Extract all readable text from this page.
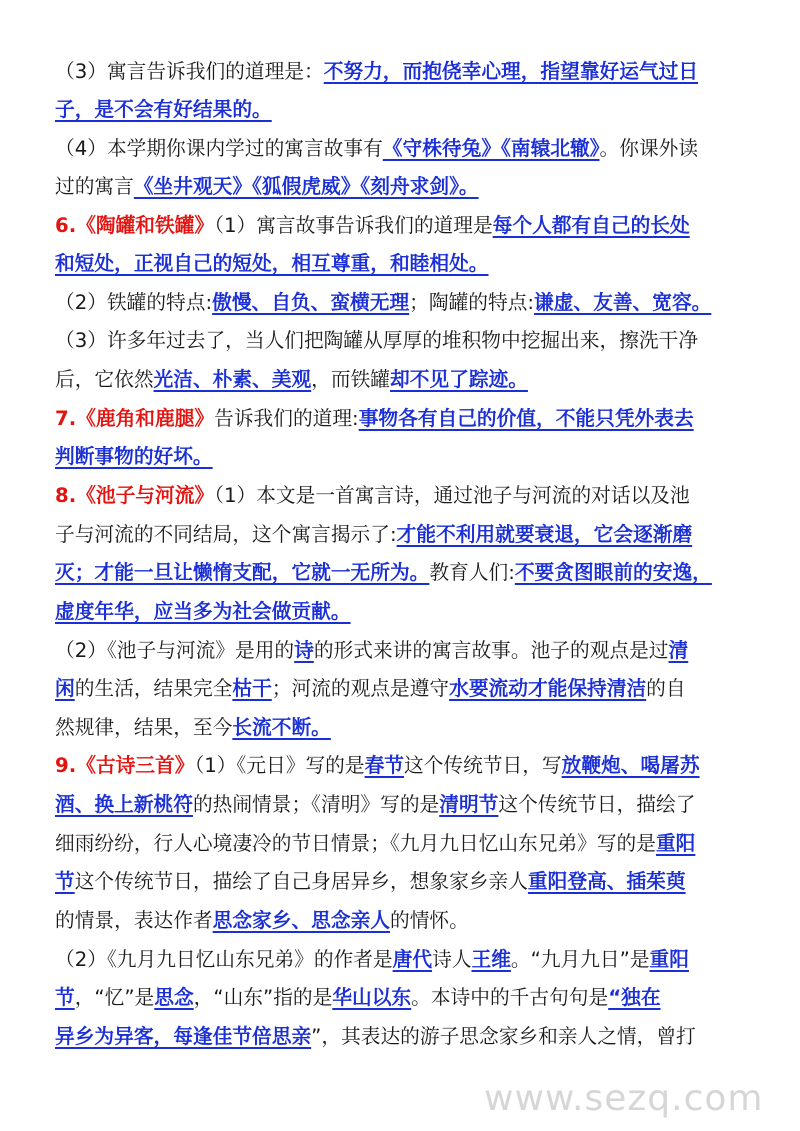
（3）寓言告诉我们的道理是：不努力，而抱侥幸心理，指望靠好运气过日
子，是不会有好结果的。
（4）本学期你课内学过的寓言故事有《守株待兔》《南辕北辙》。你课外读
过的寓言《坐井观天》《狐假虎威》《刻舟求剑》。
6.《陶罐和铁罐》（1）寓言故事告诉我们的道理是每个人都有自己的长处
和短处，正视自己的短处，相互尊重，和睦相处。
（2）铁罐的特点:傲慢、自负、蛮横无理；陶罐的特点:谦虚、友善、宽容。
（3）许多年过去了，当人们把陶罐从厚厚的堆积物中挖掘出来，擦洗干净
后，它依然光洁、朴素、美观，而铁罐却不见了踪迹。
7.《鹿角和鹿腿》告诉我们的道理:事物各有自己的价值，不能只凭外表去
判断事物的好坏。
8.《池子与河流》（1）本文是一首寓言诗，通过池子与河流的对话以及池
子与河流的不同结局，这个寓言揭示了:才能不利用就要衰退，它会逐渐磨
灭；才能一旦让懒惰支配，它就一无所为。教育人们:不要贪图眼前的安逸，
虚度年华，应当多为社会做贡献。
（2）《池子与河流》是用的诗的形式来讲的寓言故事。池子的观点是过清
闲的生活，结果完全枯干；河流的观点是遵守水要流动才能保持清洁的自
然规律，结果，至今长流不断。
9.《古诗三首》（1）《元日》写的是春节这个传统节日，写放鞭炮、喝屠苏
酒、换上新桃符的热闹情景；《清明》写的是清明节这个传统节日，描绘了
细雨纷纷，行人心境凄冷的节日情景；《九月九日忆山东兄弟》写的是重阳
节这个传统节日，描绘了自己身居异乡，想象家乡亲人重阳登高、插茱萸
的情景，表达作者思念家乡、思念亲人的情怀。
（2）《九月九日忆山东兄弟》的作者是唐代诗人王维。“九月九日”是重阳
节，“忆”是思念，“山东”指的是华山以东。本诗中的千古句句是“独在
异乡为异客，每逢佳节倍思亲”，其表达的游子思念家乡和亲人之情，曾打
www.sezq.com
